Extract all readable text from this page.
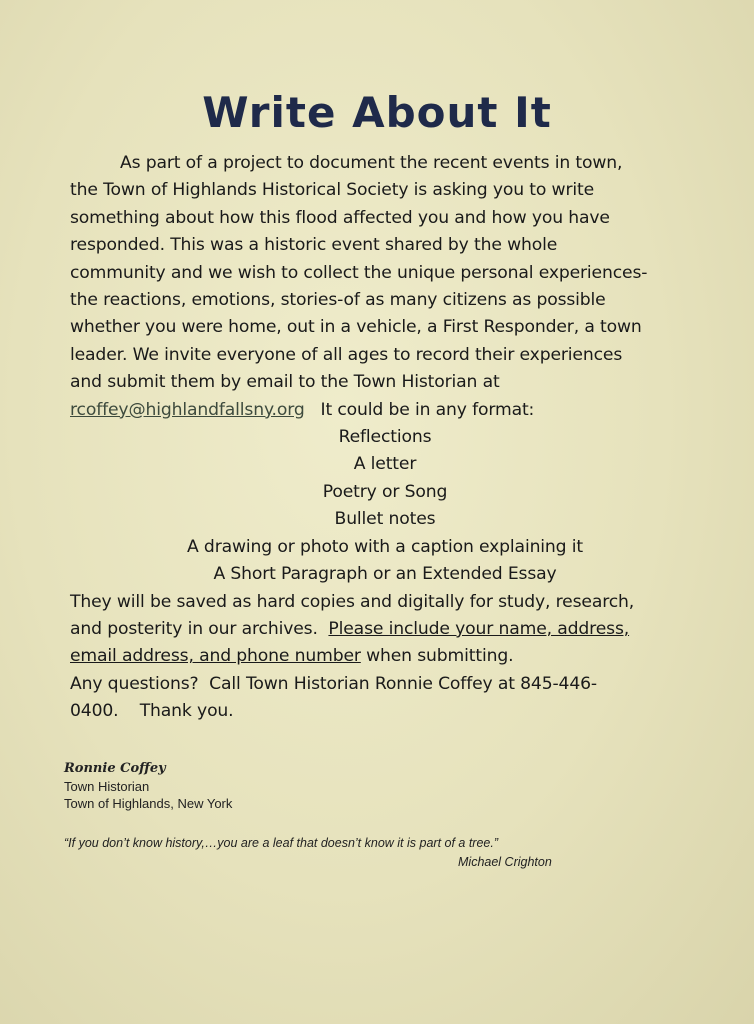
Write About It
As part of a project to document the recent events in town,
the Town of Highlands Historical Society is asking you to write
something about how this flood affected you and how you have
responded. This was a historic event shared by the whole
community and we wish to collect the unique personal experiences-
the reactions, emotions, stories-of as many citizens as possible
whether you were home, out in a vehicle, a First Responder, a town
leader. We invite everyone of all ages to record their experiences
and submit them by email to the Town Historian at
rcoffey@highlandfallsny.org It could be in any format:
Reflections
A letter
Poetry or Song
Bullet notes
A drawing or photo with a caption explaining it
A Short Paragraph or an Extended Essay
They will be saved as hard copies and digitally for study, research,
and posterity in our archives.  Please include your name, address,
email address, and phone number when submitting.
Any questions?  Call Town Historian Ronnie Coffey at 845-446-
0400.    Thank you.
Ronnie Coffey
Town Historian
Town of Highlands, New York
“If you don’t know history,…you are a leaf that doesn’t know it is part of a tree.”
Michael Crighton
